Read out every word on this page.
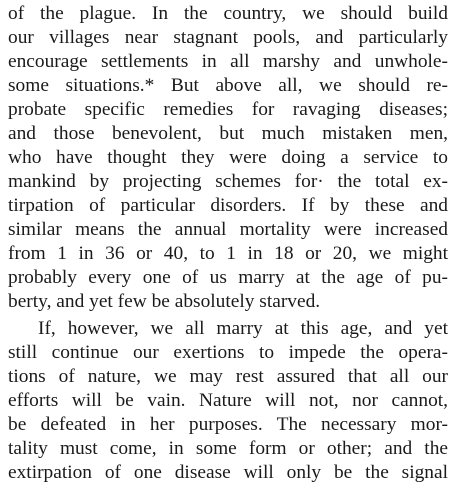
of the plague. In the country, we should build
our villages near stagnant pools, and particularly
encourage settlements in all marshy and unwhole-
some situations.* But above all, we should re-
probate specific remedies for ravaging diseases;
and those benevolent, but much mistaken men,
who have thought they were doing a service to
mankind by projecting schemes for· the total ex-
tirpation of particular disorders. If by these and
similar means the annual mortality were increased
from 1 in 36 or 40, to 1 in 18 or 20, we might
probably every one of us marry at the age of pu-
berty, and yet few be absolutely starved.
If, however, we all marry at this age, and yet
still continue our exertions to impede the opera-
tions of nature, we may rest assured that all our
efforts will be vain. Nature will not, nor cannot,
be defeated in her purposes. The necessary mor-
tality must come, in some form or other; and the
extirpation of one disease will only be the signal
